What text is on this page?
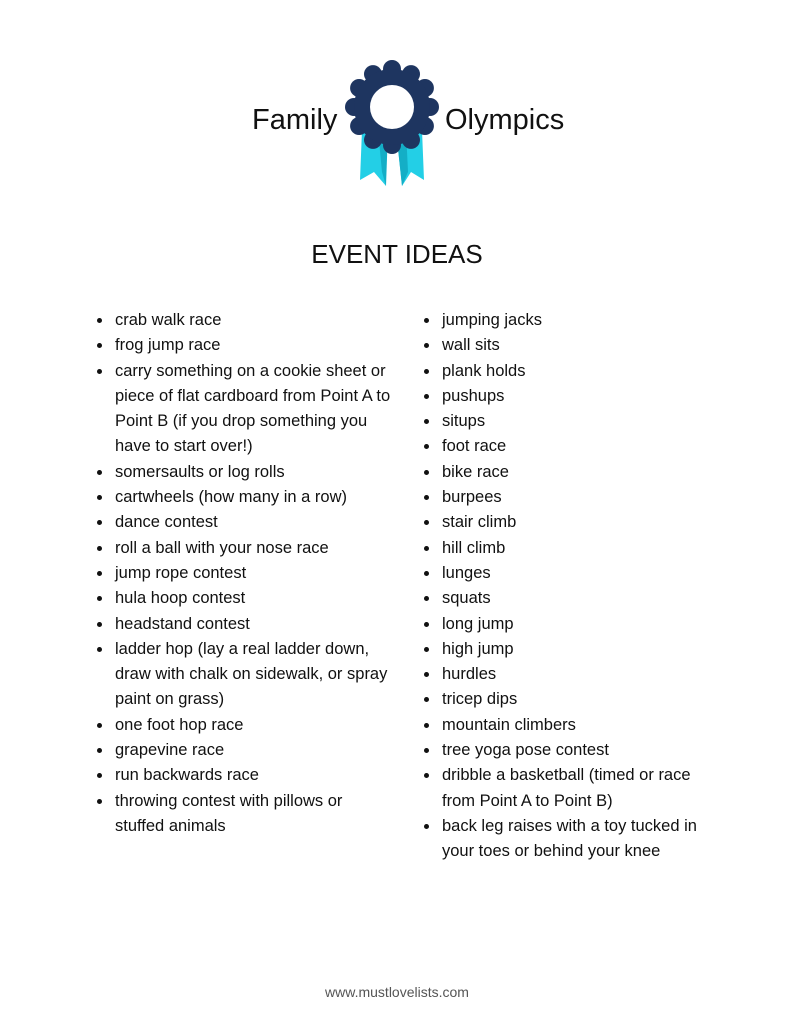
Family	Olympics
EVENT IDEAS
crab walk race
frog jump race
carry something on a cookie sheet or piece of flat cardboard from Point A to Point B (if you drop something you have to start over!)
somersaults or log rolls
cartwheels (how many in a row)
dance contest
roll a ball with your nose race
jump rope contest
hula hoop contest
headstand contest
ladder hop (lay a real ladder down, draw with chalk on sidewalk, or spray paint on grass)
one foot hop race
grapevine race
run backwards race
throwing contest with pillows or stuffed animals
jumping jacks
wall sits
plank holds
pushups
situps
foot race
bike race
burpees
stair climb
hill climb
lunges
squats
long jump
high jump
hurdles
tricep dips
mountain climbers
tree yoga pose contest
dribble a basketball (timed or race from Point A to Point B)
back leg raises with a toy tucked in your toes or behind your knee
www.mustlovelists.com
